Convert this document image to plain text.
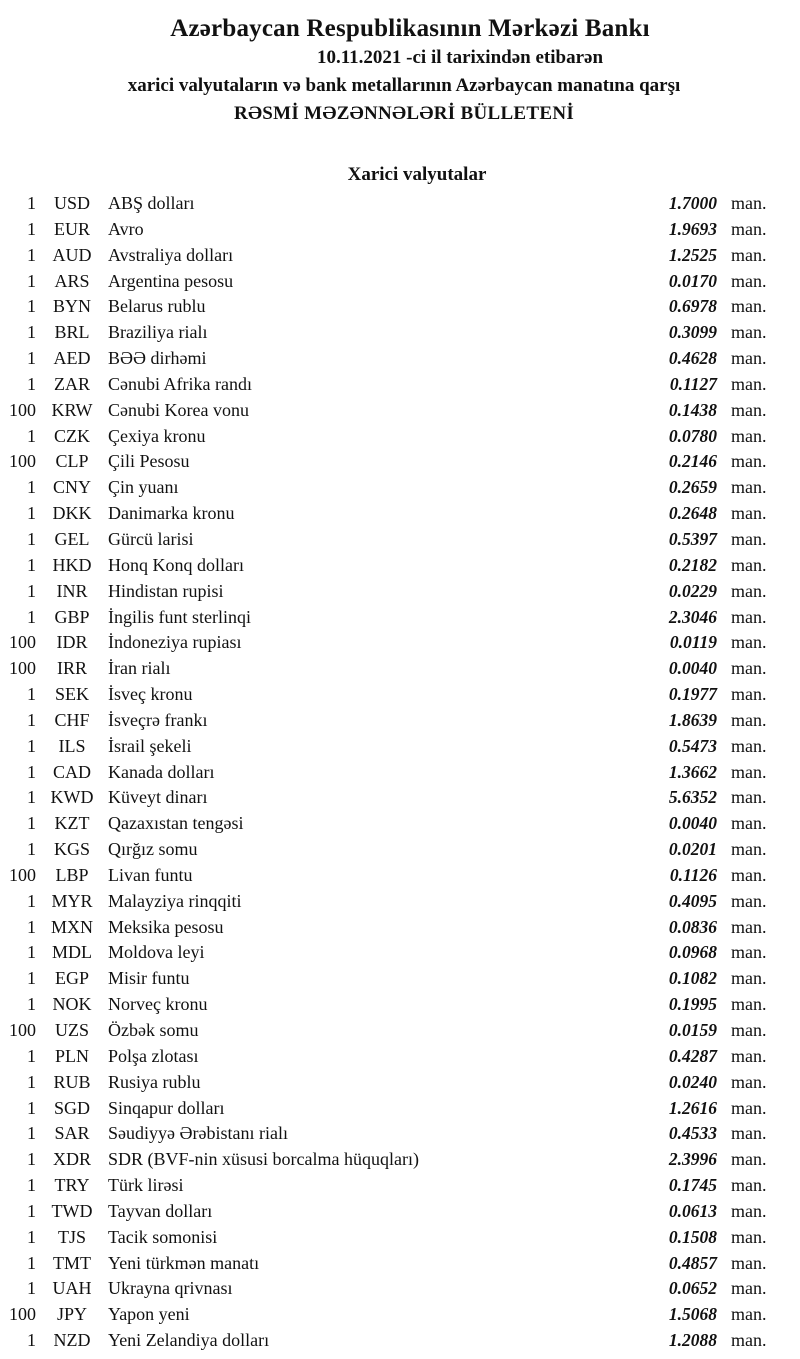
Azərbaycan Respublikasının Mərkəzi Bankı
10.11.2021 -ci il tarixindən etibarən
xarici valyutaların və bank metallarının Azərbaycan manatına qarşı
RƏSMİ MƏZƏNNƏLƏRİ BÜLLETENİ
Xarici valyutalar
1 USD	ABŞ dolları	1.7000 man.
1	EUR	Avro	1.9693 man.
1 AUD Avstraliya dolları	1.2525 man.
1	ARS	Argentina pesosu	0.0170 man.
1 BYN Belarus rublu	0.6978 man.
1	BRL	Braziliya rialı	0.3099 man.
1 AED BƏƏ dirhəmi	0.4628 man.
1	ZAR	Cənubi Afrika randı	0.1127 man.
100 KRW Cənubi Korea vonu	0.1438 man.
1	CZK	Çexiya kronu	0.0780 man.
100	CLP	Çili Pesosu	0.2146 man.
1 CNY Çin yuanı	0.2659 man.
1 DKK Danimarka kronu	0.2648 man.
1	GEL	Gürcü larisi	0.5397 man.
1 HKD Honq Konq dolları	0.2182 man.
1	INR	Hindistan rupisi	0.0229 man.
1	GBP	İngilis funt sterlinqi	2.3046 man.
100	IDR	İndoneziya rupiası	0.0119 man.
100	IRR	İran rialı	0.0040 man.
1	SEK	İsveç kronu	0.1977 man.
1	CHF	İsveçrə frankı	1.8639 man.
1	ILS	İsrail şekeli	0.5473 man.
1 CAD Kanada dolları	1.3662 man.
1 KWD Küveyt dinarı	5.6352 man.
1	KZT	Qazaxıstan tengəsi	0.0040 man.
1 KGS	Qırğız somu	0.0201 man.
100	LBP	Livan funtu	0.1126 man.
1 MYR Malayziya rinqqiti	0.4095 man.
1 MXN Meksika pesosu	0.0836 man.
1 MDL Moldova leyi	0.0968 man.
1	EGP	Misir funtu	0.1082 man.
1 NOK Norveç kronu	0.1995 man.
100	UZS	Özbək somu	0.0159 man.
1	PLN	Polşa zlotası	0.4287 man.
1 RUB Rusiya rublu	0.0240 man.
1 SGD	Sinqapur dolları	1.2616 man.
1	SAR	Səudiyyə Ərəbistanı rialı	0.4533 man.
1 XDR SDR (BVF-nin xüsusi borcalma hüquqları)	2.3996 man.
1	TRY	Türk lirəsi	0.1745 man.
1 TWD Tayvan dolları	0.0613 man.
1	TJS	Tacik somonisi	0.1508 man.
1 TMT Yeni türkmən manatı	0.4857 man.
1 UAH Ukrayna qrivnası	0.0652 man.
100	JPY	Yapon yeni	1.5068 man.
1 NZD Yeni Zelandiya dolları	1.2088 man.
